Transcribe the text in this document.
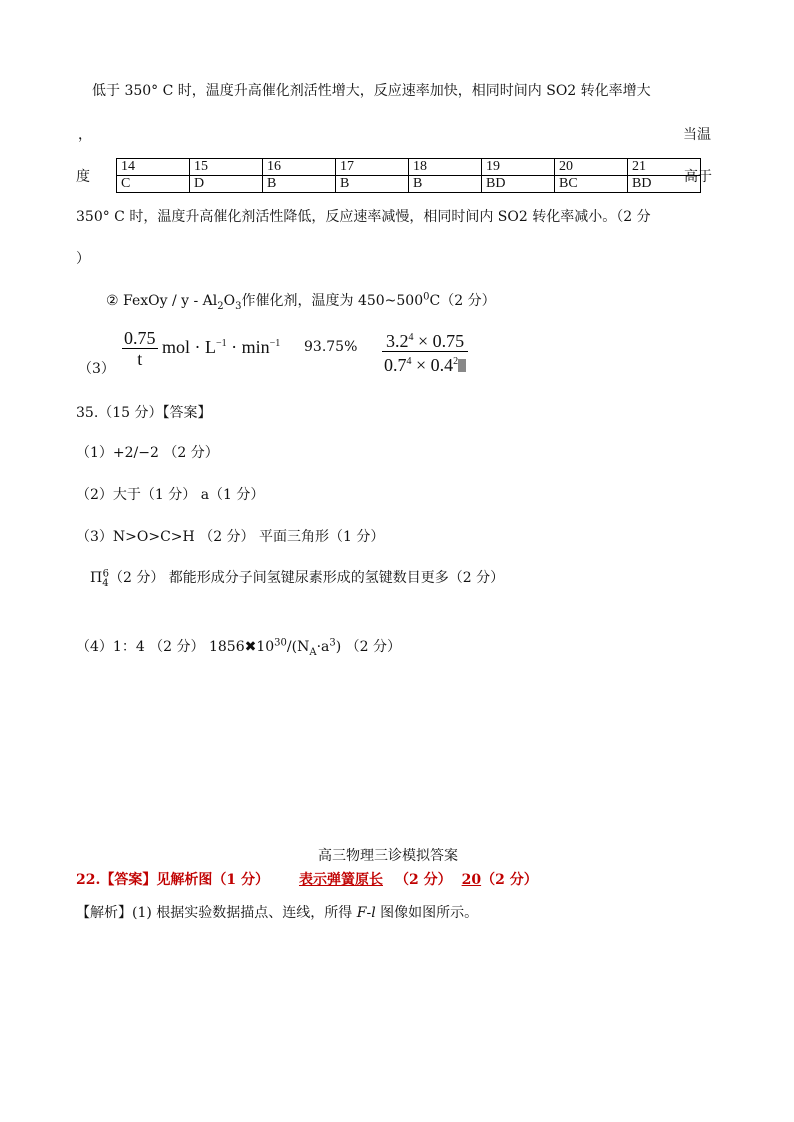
低于 350° C 时，温度升高催化剂活性增大，反应速率加快，相同时间内 SO2 转化率增大
，	当温
度	高于
14	15	16	17	18	19	20	21
C	D	B	B	B	BD	BC	BD
350° C 时，温度升高催化剂活性降低，反应速率减慢，相同时间内 SO2 转化率减小。（2 分
）
② FexOy / y - $Al_2O_3$作催化剂，温度为 $450\sim 500^0C(2$ 分）
$(3) \frac{0.75}{t}$ mol · $L^{-1} \cdot \min^{-1} 93.75\% \frac{3.2^4 \times 0.75}{0.7^4 \times 0.4^2}$
35.（15 分）【答案】
（1）+2/−2 （2 分）
（2）大于（1 分） a（1 分）
（3）N>O>C>H （2 分） 平面三角形（1 分）
$\Pi_4^6(2$ 分） 都能形成分子间氢键尿素形成的氢键数目更多（2 分）
（4）1：4 （2 分） $1856✖10^{30}/(N_A\cdot a^3)$ （2 分）
高三物理三诊模拟答案
22.【答案】见解析图（1 分） 表示弹簧原长 （2 分） 20（2 分）
【解析】(1) 根据实验数据描点、连线，所得 F-l 图像如图所示。
